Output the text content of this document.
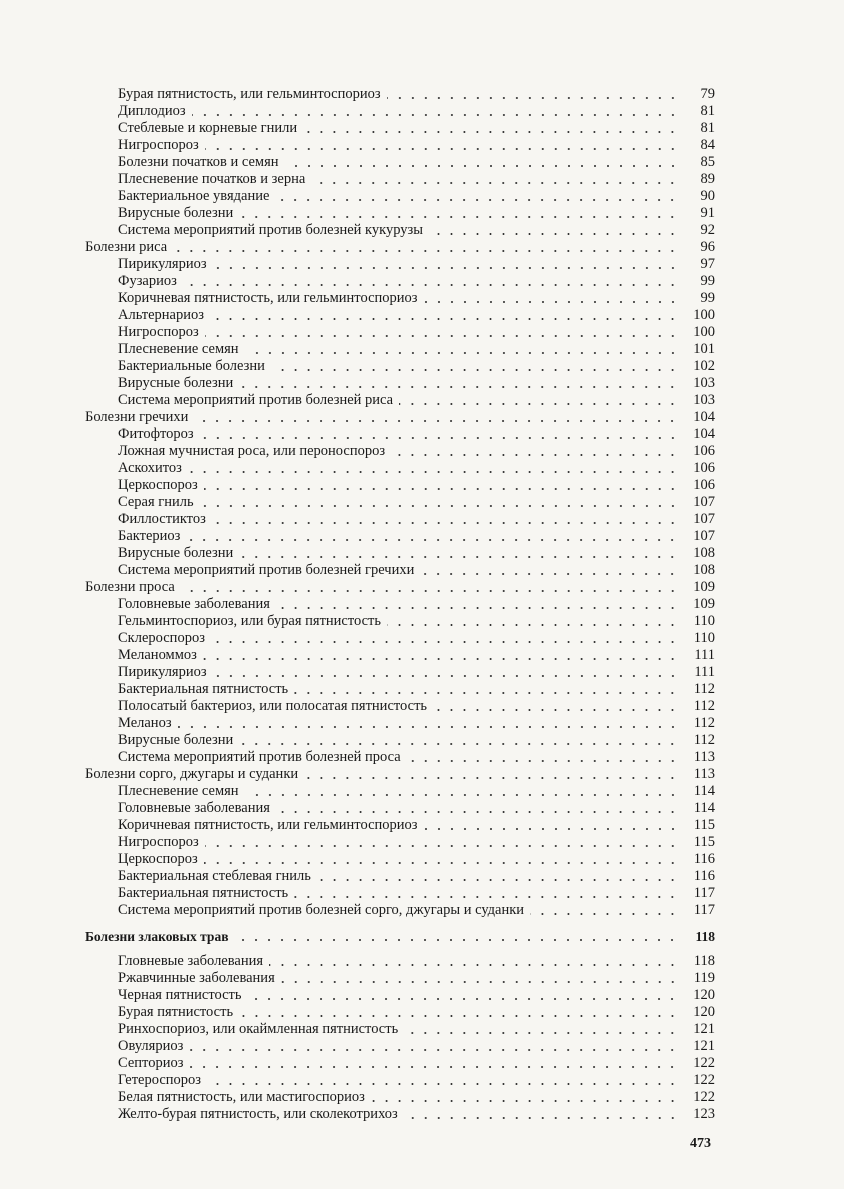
Бурая пятнистость, или гельминтоспориоз	79
Диплодиоз	81
Стеблевые и корневые гнили	81
Нигроспороз	84
Болезни початков и семян	85
Плесневение початков и зерна	89
Бактериальное увядание	90
Вирусные болезни	91
Система мероприятий против болезней кукурузы	92
Болезни риса	96
Пирикуляриоз	97
Фузариоз	99
Коричневая пятнистость, или гельминтоспориоз	99
Альтернариоз	100
Нигроспороз	100
Плесневение семян	101
Бактериальные болезни	102
Вирусные болезни	103
Система мероприятий против болезней риса	103
Болезни гречихи	104
Фитофтороз	104
Ложная мучнистая роса, или пероноспороз	106
Аскохитоз	106
Церкоспороз	106
Серая гниль	107
Филлостиктоз	107
Бактериоз	107
Вирусные болезни	108
Система мероприятий против болезней гречихи	108
Болезни проса	109
Головневые заболевания	109
Гельминтоспориоз, или бурая пятнистость	110
Склероспороз	110
Меланоммоз	111
Пирикуляриоз	111
Бактериальная пятнистость	112
Полосатый бактериоз, или полосатая пятнистость	112
Меланоз	112
Вирусные болезни	112
Система мероприятий против болезней проса	113
Болезни сорго, джугары и суданки	113
Плесневение семян	114
Головневые заболевания	114
Коричневая пятнистость, или гельминтоспориоз	115
Нигроспороз	115
Церкоспороз	116
Бактериальная стеблевая гниль	116
Бактериальная пятнистость	117
Система мероприятий против болезней сорго, джугары и суданки	117
Болезни злаковых трав	118
Гловневые заболевания	118
Ржавчинные заболевания	119
Черная пятнистость	120
Бурая пятнистость	120
Ринхоспориоз, или окаймленная пятнистость	121
Овуляриоз	121
Септориоз	122
Гетероспороз	122
Белая пятнистость, или мастигоспориоз	122
Желто-бурая пятнистость, или сколекотрихоз	123
473
